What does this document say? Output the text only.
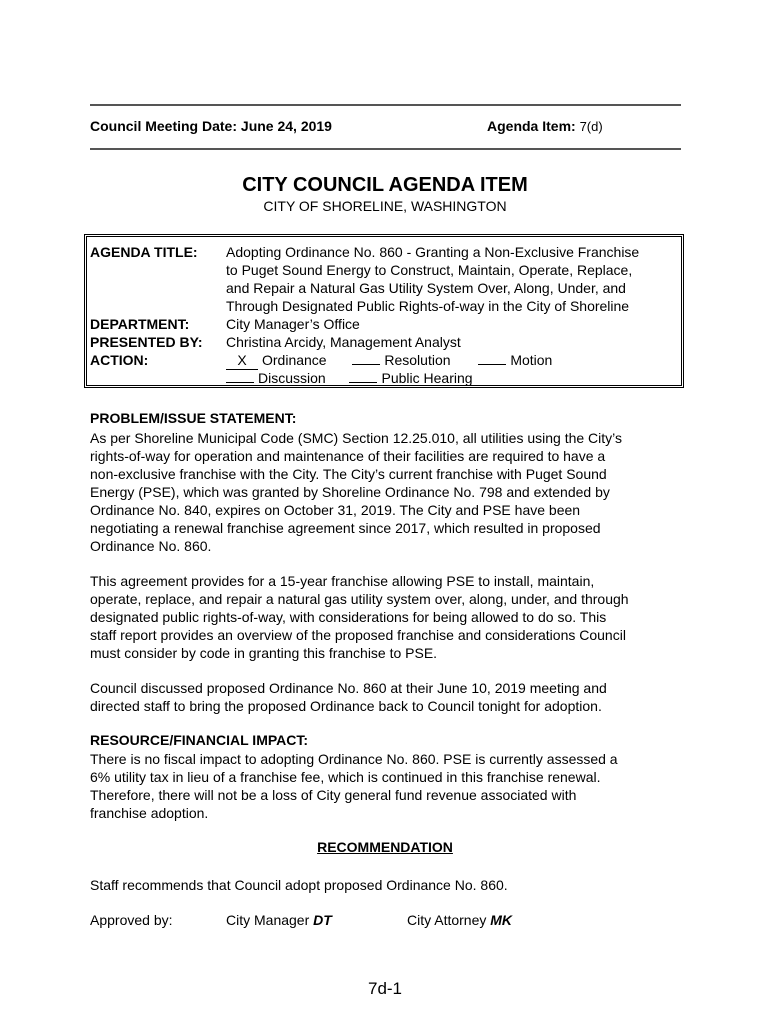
Council Meeting Date: June 24, 2019	Agenda Item: 7(d)
CITY COUNCIL AGENDA ITEM
CITY OF SHORELINE, WASHINGTON
AGENDA TITLE: Adopting Ordinance No. 860 - Granting a Non-Exclusive Franchise
to Puget Sound Energy to Construct, Maintain, Operate, Replace,
and Repair a Natural Gas Utility System Over, Along, Under, and
Through Designated Public Rights-of-way in the City of Shoreline
DEPARTMENT:	City Manager’s Office
PRESENTED BY: Christina Arcidy, Management Analyst
ACTION:	X Ordinance	Resolution	Motion
Discussion	Public Hearing
PROBLEM/ISSUE STATEMENT:
As per Shoreline Municipal Code (SMC) Section 12.25.010, all utilities using the City’s
rights-of-way for operation and maintenance of their facilities are required to have a
non-exclusive franchise with the City. The City’s current franchise with Puget Sound
Energy (PSE), which was granted by Shoreline Ordinance No. 798 and extended by
Ordinance No. 840, expires on October 31, 2019. The City and PSE have been
negotiating a renewal franchise agreement since 2017, which resulted in proposed
Ordinance No. 860.
This agreement provides for a 15-year franchise allowing PSE to install, maintain,
operate, replace, and repair a natural gas utility system over, along, under, and through
designated public rights-of-way, with considerations for being allowed to do so. This
staff report provides an overview of the proposed franchise and considerations Council
must consider by code in granting this franchise to PSE.
Council discussed proposed Ordinance No. 860 at their June 10, 2019 meeting and
directed staff to bring the proposed Ordinance back to Council tonight for adoption.
RESOURCE/FINANCIAL IMPACT:
There is no fiscal impact to adopting Ordinance No. 860. PSE is currently assessed a
6% utility tax in lieu of a franchise fee, which is continued in this franchise renewal.
Therefore, there will not be a loss of City general fund revenue associated with
franchise adoption.
RECOMMENDATION
Staff recommends that Council adopt proposed Ordinance No. 860.
Approved by:	City Manager DT	City Attorney MK
7d-1
